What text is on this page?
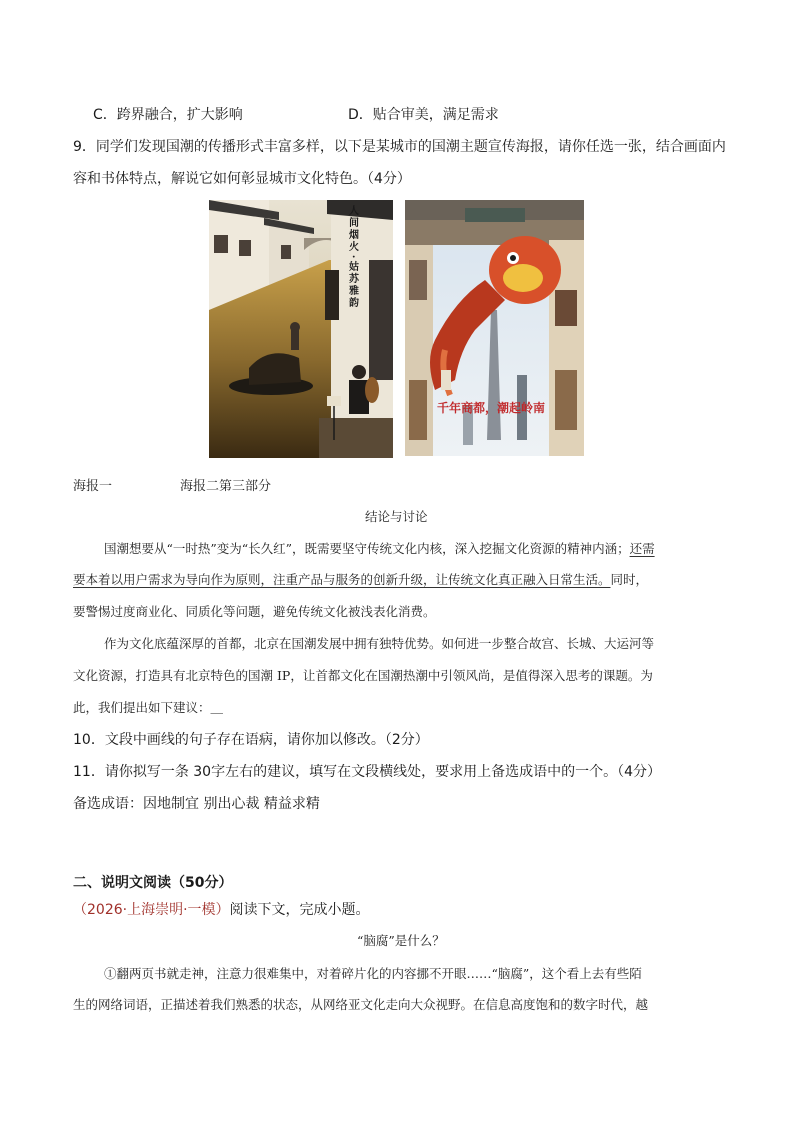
C．跨界融合，扩大影响	D．贴合审美，满足需求
9．同学们发现国潮的传播形式丰富多样，以下是某城市的国潮主题宣传海报，请你任选一张，结合画面内
容和书体特点，解说它如何彰显城市文化特色。（4分）
人
间
烟
火
·
姑
苏
雅
韵
千年商都，潮起岭南
海报一	海报二第三部分
结论与讨论
国潮想要从“一时热”变为“长久红”，既需要坚守传统文化内核，深入挖掘文化资源的精神内涵；还需
要本着以用户需求为导向作为原则，注重产品与服务的创新升级，让传统文化真正融入日常生活。同时，
要警惕过度商业化、同质化等问题，避免传统文化被浅表化消费。
作为文化底蕴深厚的首都，北京在国潮发展中拥有独特优势。如何进一步整合故宫、长城、大运河等
文化资源，打造具有北京特色的国潮 IP，让首都文化在国潮热潮中引领风尚，是值得深入思考的课题。为
此，我们提出如下建议：＿
10．文段中画线的句子存在语病，请你加以修改。（2分）
11．请你拟写一条 30字左右的建议，填写在文段横线处，要求用上备选成语中的一个。（4分）
备选成语：因地制宜 别出心裁 精益求精
二、说明文阅读（50分）
（2026·上海崇明·一模）阅读下文，完成小题。
“脑腐”是什么？
①翻两页书就走神，注意力很难集中，对着碎片化的内容挪不开眼……“脑腐”，这个看上去有些陌
生的网络词语，正描述着我们熟悉的状态，从网络亚文化走向大众视野。在信息高度饱和的数字时代，越
